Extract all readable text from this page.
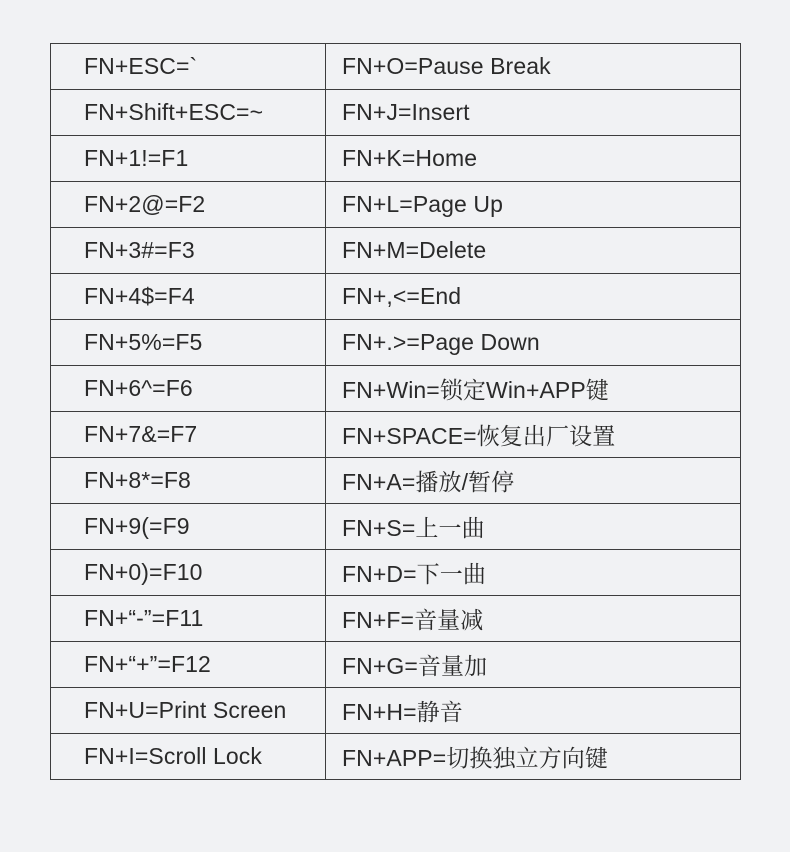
FN+ESC=`	FN+O=Pause Break
FN+Shift+ESC=~	FN+J=Insert
FN+1!=F1	FN+K=Home
FN+2@=F2	FN+L=Page Up
FN+3#=F3	FN+M=Delete
FN+4$=F4	FN+,<=End
FN+5%=F5	FN+.>=Page Down
FN+6^=F6	FN+Win=锁定Win+APP键
FN+7&=F7	FN+SPACE=恢复出厂设置
FN+8*=F8	FN+A=播放/暂停
FN+9(=F9	FN+S=上一曲
FN+0)=F10	FN+D=下一曲
FN+“-”=F11	FN+F=音量减
FN+“+”=F12	FN+G=音量加
FN+U=Print Screen	FN+H=静音
FN+I=Scroll Lock	FN+APP=切换独立方向键
